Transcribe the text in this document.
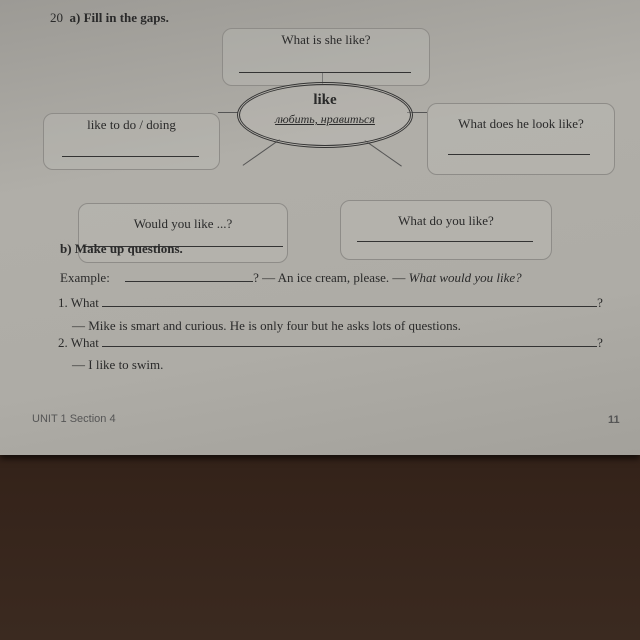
20 a) Fill in the gaps.
What is she like?
like to do / doing	What does he look like?
Would you like ...?	What do you like?
like
любить, нравиться
b) Make up questions.
Example:	? — An ice cream, please. — What would you like?
1. What	?
— Mike is smart and curious. He is only four but he asks lots of questions.
2. What	?
— I like to swim.
UNIT 1 Section 4	11
